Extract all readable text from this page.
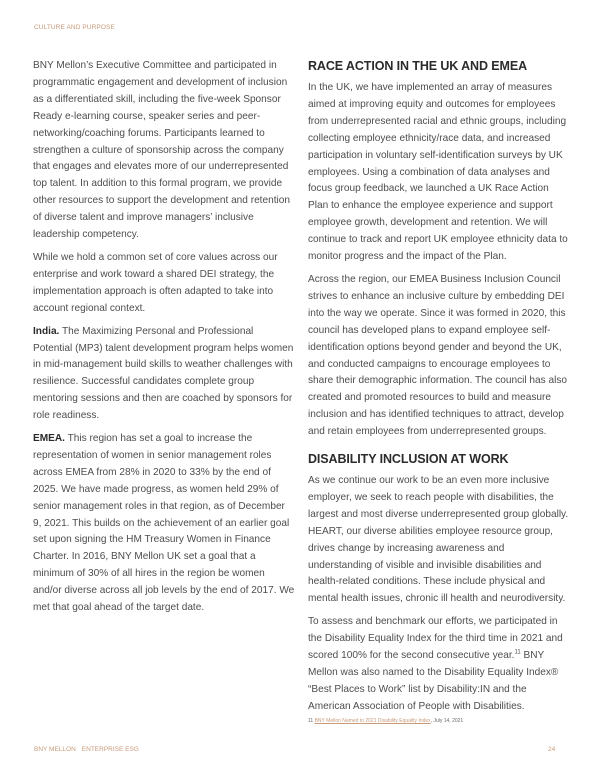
CULTURE AND PURPOSE

BNY Mellon’s Executive Committee and participated in programmatic engagement and development of inclusion as a differentiated skill, including the five-week Sponsor Ready e-learning course, speaker series and peer-networking/coaching forums. Participants learned to strengthen a culture of sponsorship across the company that engages and elevates more of our underrepresented top talent. In addition to this formal program, we provide other resources to support the development and retention of diverse talent and improve managers’ inclusive leadership competency.

While we hold a common set of core values across our enterprise and work toward a shared DEI strategy, the implementation approach is often adapted to take into account regional context.

India. The Maximizing Personal and Professional Potential (MP3) talent development program helps women in mid-management build skills to weather challenges with resilience. Successful candidates complete group mentoring sessions and then are coached by sponsors for role readiness.

EMEA. This region has set a goal to increase the representation of women in senior management roles across EMEA from 28% in 2020 to 33% by the end of 2025. We have made progress, as women held 29% of senior management roles in that region, as of December 9, 2021. This builds on the achievement of an earlier goal set upon signing the HM Treasury Women in Finance Charter. In 2016, BNY Mellon UK set a goal that a minimum of 30% of all hires in the region be women and/or diverse across all job levels by the end of 2017. We met that goal ahead of the target date.

RACE ACTION IN THE UK AND EMEA

In the UK, we have implemented an array of measures aimed at improving equity and outcomes for employees from underrepresented racial and ethnic groups, including collecting employee ethnicity/race data, and increased participation in voluntary self-identification surveys by UK employees. Using a combination of data analyses and focus group feedback, we launched a UK Race Action Plan to enhance the employee experience and support employee growth, development and retention. We will continue to track and report UK employee ethnicity data to monitor progress and the impact of the Plan.

Across the region, our EMEA Business Inclusion Council strives to enhance an inclusive culture by embedding DEI into the way we operate. Since it was formed in 2020, this council has developed plans to expand employee self-identification options beyond gender and beyond the UK, and conducted campaigns to encourage employees to share their demographic information. The council has also created and promoted resources to build and measure inclusion and has identified techniques to attract, develop and retain employees from underrepresented groups.

DISABILITY INCLUSION AT WORK

As we continue our work to be an even more inclusive employer, we seek to reach people with disabilities, the largest and most diverse underrepresented group globally. HEART, our diverse abilities employee resource group, drives change by increasing awareness and understanding of visible and invisible disabilities and health-related conditions. These include physical and mental health issues, chronic ill health and neurodiversity.

To assess and benchmark our efforts, we participated in the Disability Equality Index for the third time in 2021 and scored 100% for the second consecutive year.$^{11}$ BNY Mellon was also named to the Disability Equality Index® “Best Places to Work” list by Disability:IN and the American Association of People with Disabilities.

11 BNY Mellon Named to 2021 Disability Equality Index, July 14, 2021
BNY MELLON ENTERPRISE ESG	24
